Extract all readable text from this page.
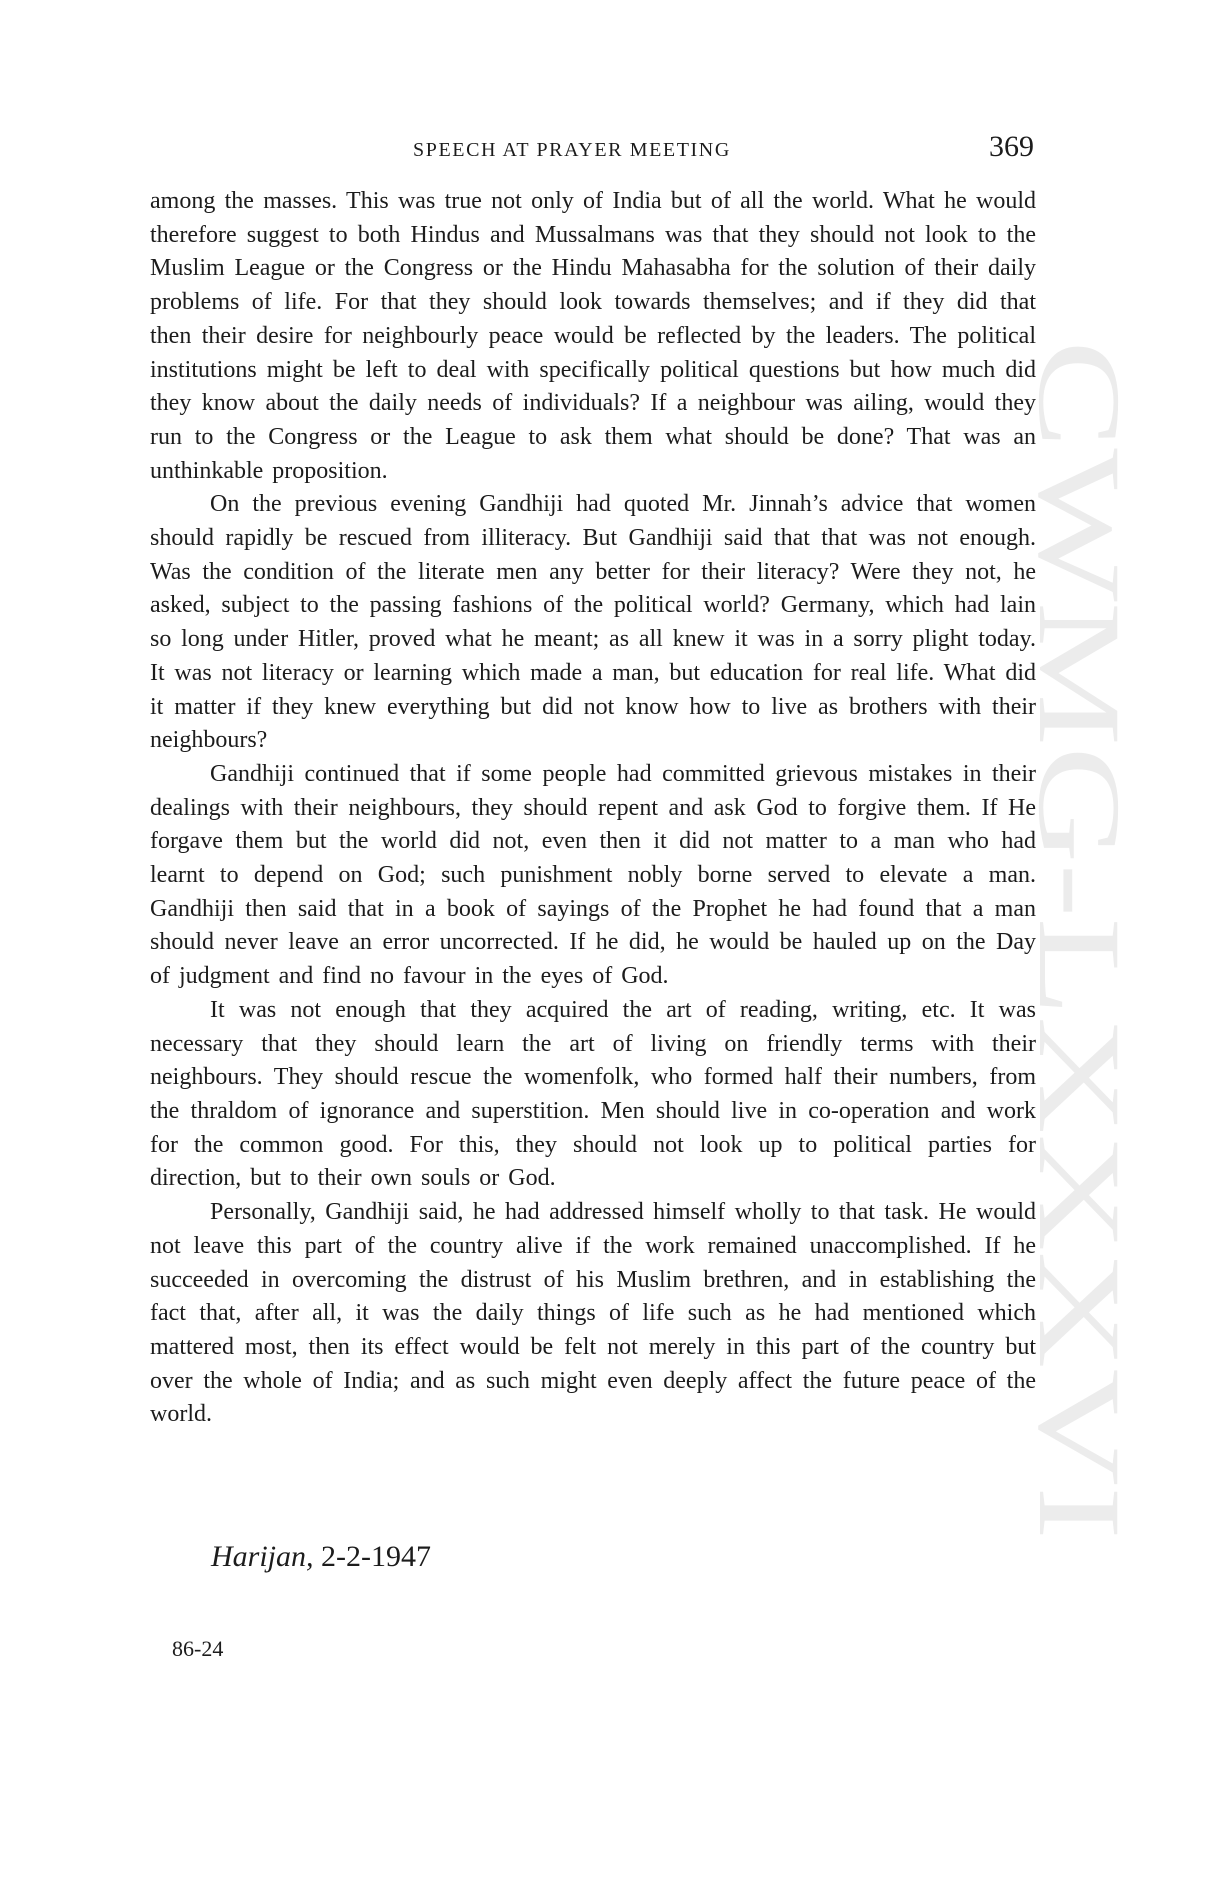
CWMG-LXXXVI
SPEECH AT PRAYER MEETING	369

among the masses. This was true not only of India but of all the world. What he would therefore suggest to both Hindus and Mussalmans was that they should not look to the Muslim League or the Congress or the Hindu Mahasabha for the solution of their daily problems of life. For that they should look towards themselves; and if they did that then their desire for neighbourly peace would be reflected by the leaders. The political institutions might be left to deal with specifically political questions but how much did they know about the daily needs of individuals? If a neighbour was ailing, would they run to the Congress or the League to ask them what should be done? That was an unthinkable proposition.

On the previous evening Gandhiji had quoted Mr. Jinnah’s advice that women should rapidly be rescued from illiteracy. But Gandhiji said that that was not enough. Was the condition of the literate men any better for their literacy? Were they not, he asked, subject to the passing fashions of the political world? Germany, which had lain so long under Hitler, proved what he meant; as all knew it was in a sorry plight today. It was not literacy or learning which made a man, but education for real life. What did it matter if they knew everything but did not know how to live as brothers with their neighbours?

Gandhiji continued that if some people had committed grievous mistakes in their dealings with their neighbours, they should repent and ask God to forgive them. If He forgave them but the world did not, even then it did not matter to a man who had learnt to depend on God; such punishment nobly borne served to elevate a man. Gandhiji then said that in a book of sayings of the Prophet he had found that a man should never leave an error uncorrected. If he did, he would be hauled up on the Day of judgment and find no favour in the eyes of God.

It was not enough that they acquired the art of reading, writing, etc. It was necessary that they should learn the art of living on friendly terms with their neighbours. They should rescue the womenfolk, who formed half their numbers, from the thraldom of ignorance and superstition. Men should live in co-operation and work for the common good. For this, they should not look up to political parties for direction, but to their own souls or God.

Personally, Gandhiji said, he had addressed himself wholly to that task. He would not leave this part of the country alive if the work remained unaccomplished. If he succeeded in overcoming the distrust of his Muslim brethren, and in establishing the fact that, after all, it was the daily things of life such as he had mentioned which mattered most, then its effect would be felt not merely in this part of the country but over the whole of India; and as such might even deeply affect the future peace of the world.

Harijan, 2-2-1947
86-24
